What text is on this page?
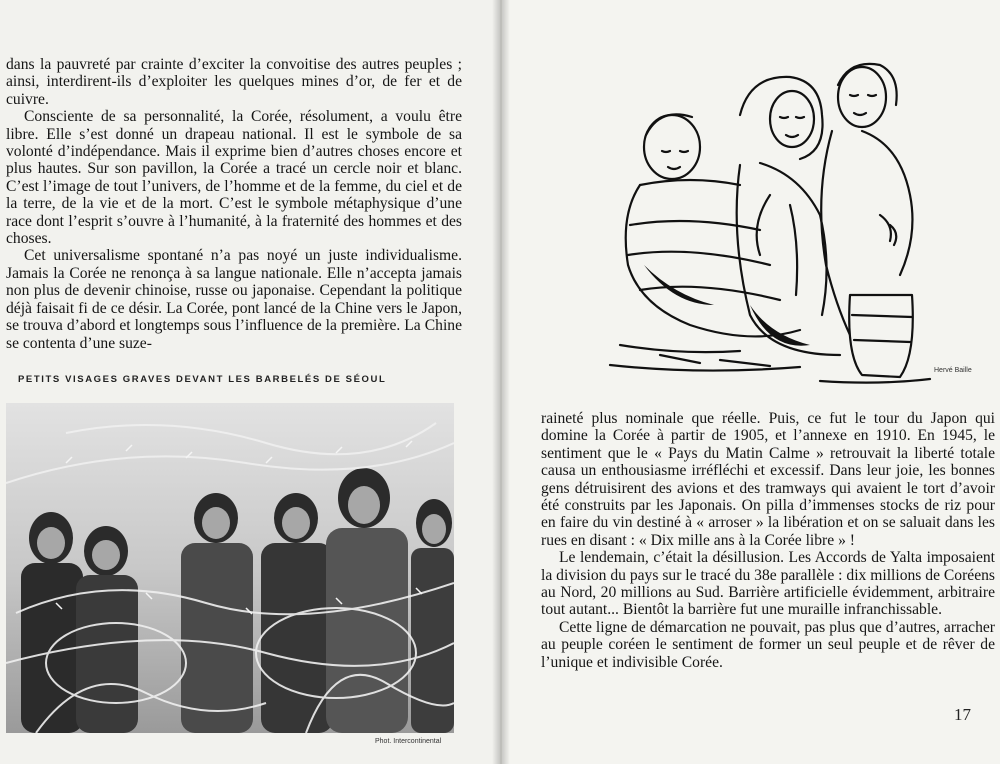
dans la pauvreté par crainte d’exciter la convoitise des autres peuples ; ainsi, interdirent-ils d’exploiter les quelques mines d’or, de fer et de cuivre.

Consciente de sa personnalité, la Corée, résolument, a voulu être libre. Elle s’est donné un drapeau national. Il est le symbole de sa volonté d’indépendance. Mais il exprime bien d’autres choses encore et plus hautes. Sur son pavillon, la Corée a tracé un cercle noir et blanc. C’est l’image de tout l’univers, de l’homme et de la femme, du ciel et de la terre, de la vie et de la mort. C’est le symbole métaphysique d’une race dont l’esprit s’ouvre à l’humanité, à la fraternité des hommes et des choses.

Cet universalisme spontané n’a pas noyé un juste individualisme. Jamais la Corée ne renonça à sa langue nationale. Elle n’accepta jamais non plus de devenir chinoise, russe ou japonaise. Cependant la politique déjà faisait fi de ce désir. La Corée, pont lancé de la Chine vers le Japon, se trouva d’abord et longtemps sous l’influence de la première. La Chine se contenta d’une suze-

PETITS VISAGES GRAVES DEVANT LES BARBELÉS DE SÉOUL
Phot. Intercontinental
Hervé Baille

raineté plus nominale que réelle. Puis, ce fut le tour du Japon qui domine la Corée à partir de 1905, et l’annexe en 1910. En 1945, le sentiment que le « Pays du Matin Calme » retrouvait la liberté totale causa un enthousiasme irréfléchi et excessif. Dans leur joie, les bonnes gens détruisirent des avions et des tramways qui avaient le tort d’avoir été construits par les Japonais. On pilla d’immenses stocks de riz pour en faire du vin destiné à « arroser » la libération et on se saluait dans les rues en disant : « Dix mille ans à la Corée libre » !

Le lendemain, c’était la désillusion. Les Accords de Yalta imposaient la division du pays sur le tracé du 38e parallèle : dix millions de Coréens au Nord, 20 millions au Sud. Barrière artificielle évidemment, arbitraire tout autant... Bientôt la barrière fut une muraille infranchissable.

Cette ligne de démarcation ne pouvait, pas plus que d’autres, arracher au peuple coréen le sentiment de former un seul peuple et de rêver de l’unique et indivisible Corée.

17
